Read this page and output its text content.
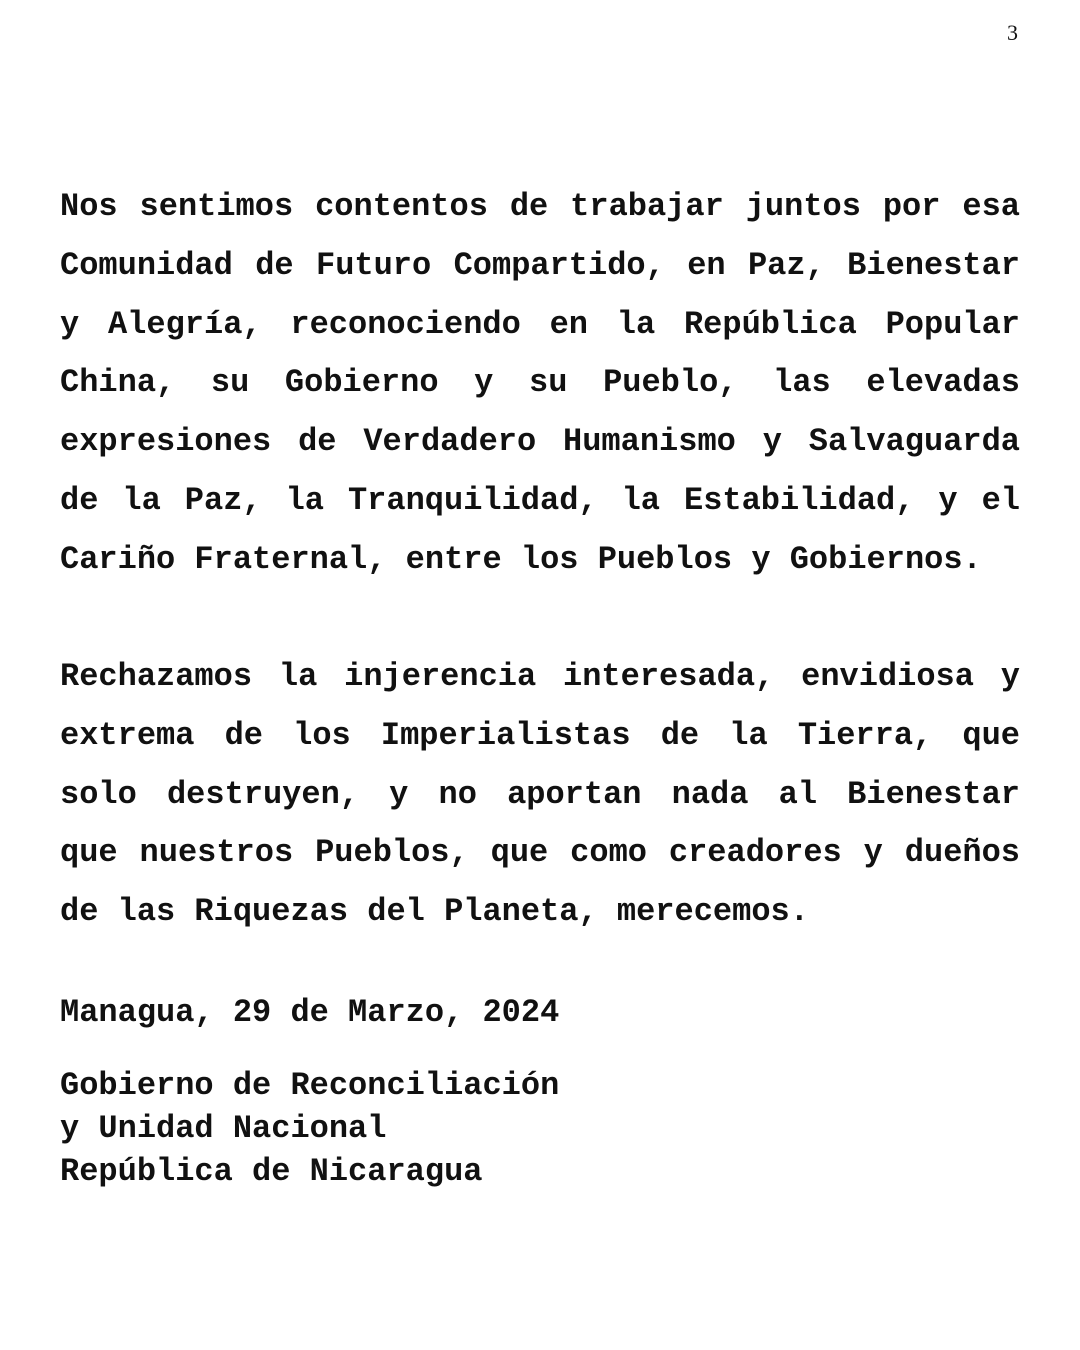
3

Nos sentimos contentos de trabajar juntos por esa Comunidad de Futuro Compartido, en Paz, Bienestar y Alegría, reconociendo en la República Popular China, su Gobierno y su Pueblo, las elevadas expresiones de Verdadero Humanismo y Salvaguarda de la Paz, la Tranquilidad, la Estabilidad, y el Cariño Fraternal, entre los Pueblos y Gobiernos.

Rechazamos la injerencia interesada, envidiosa y extrema de los Imperialistas de la Tierra, que solo destruyen, y no aportan nada al Bienestar que nuestros Pueblos, que como creadores y dueños de las Riquezas del Planeta, merecemos.

Managua, 29 de Marzo, 2024

Gobierno de Reconciliación
y Unidad Nacional
República de Nicaragua
